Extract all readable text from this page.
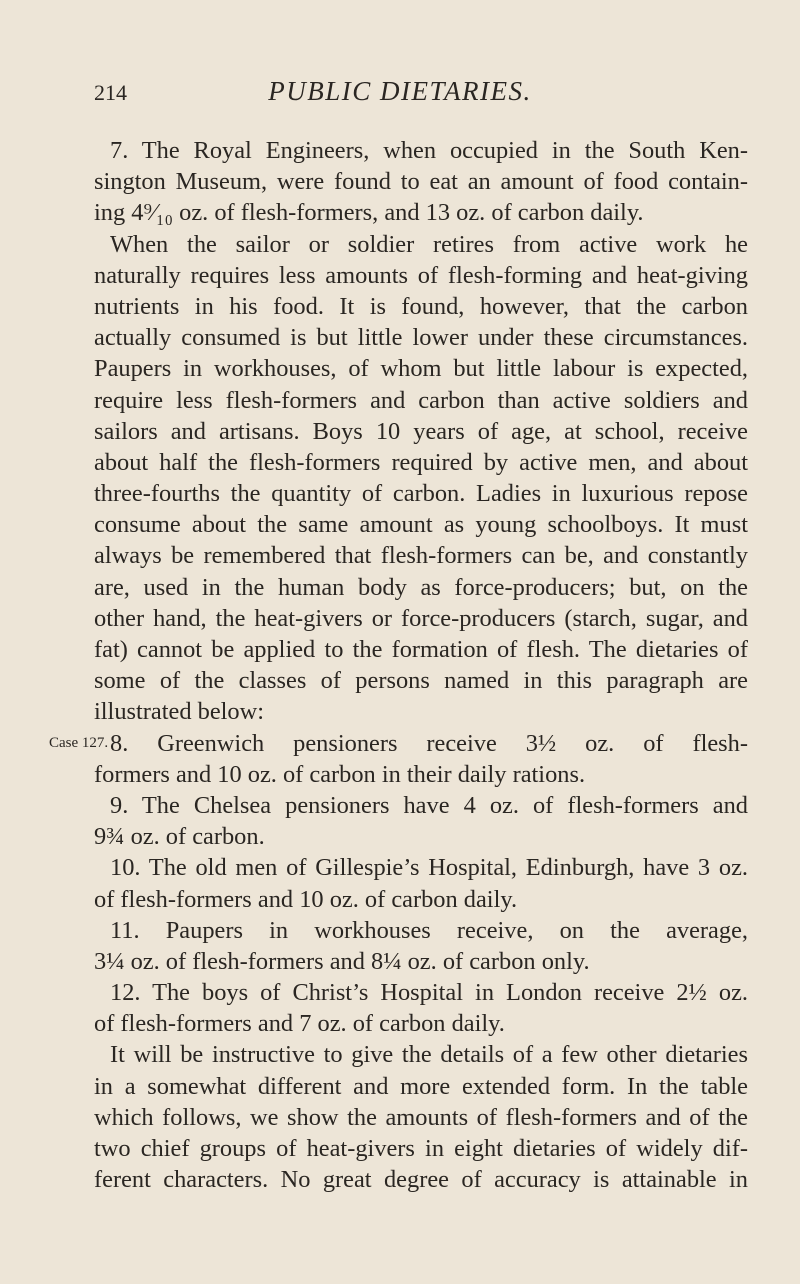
214	PUBLIC DIETARIES.
7. The Royal Engineers, when occupied in the South Ken-
sington Museum, were found to eat an amount of food contain-
ing 4⁹⁄₁₀ oz. of flesh-formers, and 13 oz. of carbon daily.
When the sailor or soldier retires from active work he
naturally requires less amounts of flesh-forming and heat-giving
nutrients in his food. It is found, however, that the carbon
actually consumed is but little lower under these circumstances.
Paupers in workhouses, of whom but little labour is expected,
require less flesh-formers and carbon than active soldiers and
sailors and artisans. Boys 10 years of age, at school, receive
about half the flesh-formers required by active men, and about
three-fourths the quantity of carbon. Ladies in luxurious repose
consume about the same amount as young schoolboys. It must
always be remembered that flesh-formers can be, and constantly
are, used in the human body as force-producers; but, on the
other hand, the heat-givers or force-producers (starch, sugar, and
fat) cannot be applied to the formation of flesh. The dietaries of
some of the classes of persons named in this paragraph are
illustrated below:
Case 127. 8. Greenwich pensioners receive 3½ oz. of flesh-
formers and 10 oz. of carbon in their daily rations.
9. The Chelsea pensioners have 4 oz. of flesh-formers and
9¾ oz. of carbon.
10. The old men of Gillespie’s Hospital, Edinburgh, have 3 oz.
of flesh-formers and 10 oz. of carbon daily.
11. Paupers in workhouses receive, on the average,
3¼ oz. of flesh-formers and 8¼ oz. of carbon only.
12. The boys of Christ’s Hospital in London receive 2½ oz.
of flesh-formers and 7 oz. of carbon daily.
It will be instructive to give the details of a few other dietaries
in a somewhat different and more extended form. In the table
which follows, we show the amounts of flesh-formers and of the
two chief groups of heat-givers in eight dietaries of widely dif-
ferent characters. No great degree of accuracy is attainable in
